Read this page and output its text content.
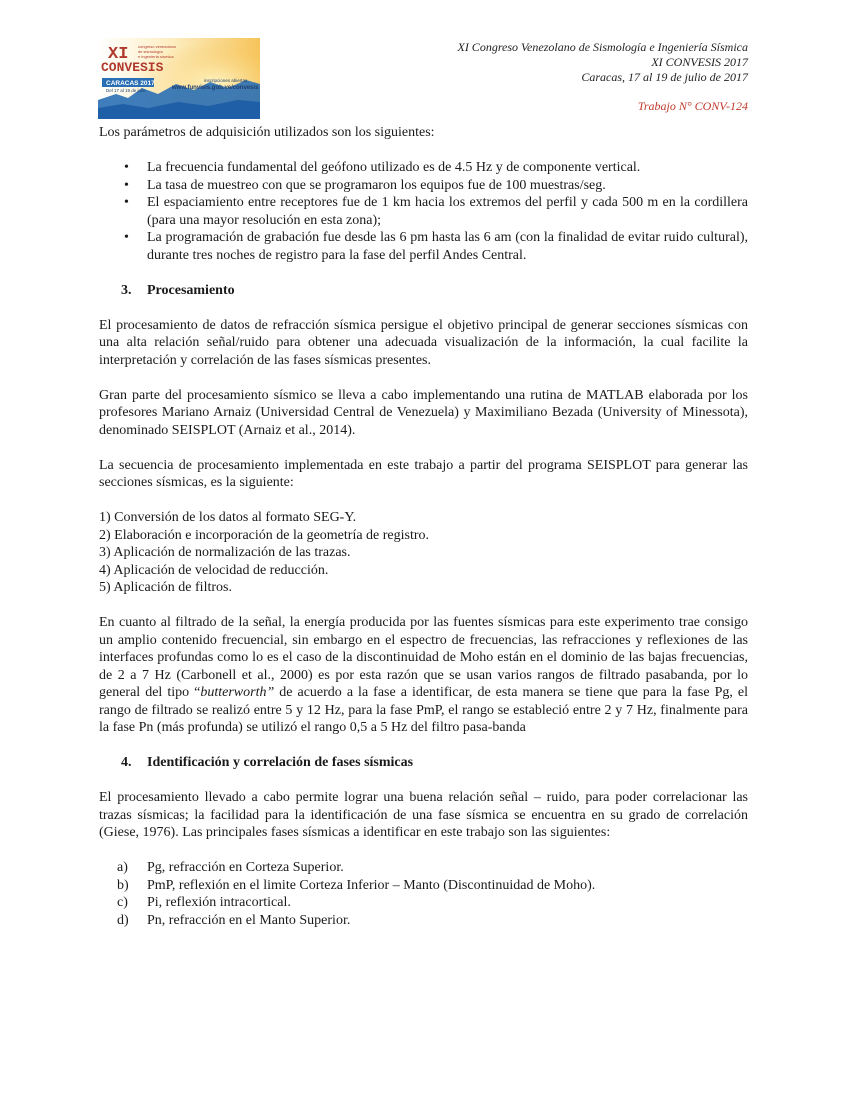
XI
CONVESIS
congreso venezolano
de sismología
e ingeniería sísmica
CARACAS 2017
Del 17 al 19 de julio
inscripciones abiertas
www.funvisis.gob.ve/convesis
XI Congreso Venezolano de Sismología e Ingeniería Sísmica
XI CONVESIS 2017
Caracas, 17 al 19 de julio de 2017
Trabajo N° CONV-124

Los parámetros de adquisición utilizados son los siguientes:

• La frecuencia fundamental del geófono utilizado es de 4.5 Hz y de componente vertical.
• La tasa de muestreo con que se programaron los equipos fue de 100 muestras/seg.
• El espaciamiento entre receptores fue de 1 km hacia los extremos del perfil y cada 500 m en la cordillera (para una mayor resolución en esta zona);
• La programación de grabación fue desde las 6 pm hasta las 6 am (con la finalidad de evitar ruido cultural), durante tres noches de registro para la fase del perfil Andes Central.
3. Procesamiento

El procesamiento de datos de refracción sísmica persigue el objetivo principal de generar secciones sísmicas con una alta relación señal/ruido para obtener una adecuada visualización de la información, la cual facilite la interpretación y correlación de las fases sísmicas presentes.

Gran parte del procesamiento sísmico se lleva a cabo implementando una rutina de MATLAB elaborada por los profesores Mariano Arnaiz (Universidad Central de Venezuela) y Maximiliano Bezada (University of Minessota), denominado SEISPLOT (Arnaiz et al., 2014).

La secuencia de procesamiento implementada en este trabajo a partir del programa SEISPLOT para generar las secciones sísmicas, es la siguiente:

1) Conversión de los datos al formato SEG-Y.
2) Elaboración e incorporación de la geometría de registro.
3) Aplicación de normalización de las trazas.
4) Aplicación de velocidad de reducción.
5) Aplicación de filtros.

En cuanto al filtrado de la señal, la energía producida por las fuentes sísmicas para este experimento trae consigo un amplio contenido frecuencial, sin embargo en el espectro de frecuencias, las refracciones y reflexiones de las interfaces profundas como lo es el caso de la discontinuidad de Moho están en el dominio de las bajas frecuencias, de 2 a 7 Hz (Carbonell et al., 2000) es por esta razón que se usan varios rangos de filtrado pasabanda, por lo general del tipo “butterworth” de acuerdo a la fase a identificar, de esta manera se tiene que para la fase Pg, el rango de filtrado se realizó entre 5 y 12 Hz, para la fase PmP, el rango se estableció entre 2 y 7 Hz, finalmente para la fase Pn (más profunda) se utilizó el rango 0,5 a 5 Hz del filtro pasa-banda

4. Identificación y correlación de fases sísmicas

El procesamiento llevado a cabo permite lograr una buena relación señal – ruido, para poder correlacionar las trazas sísmicas; la facilidad para la identificación de una fase sísmica se encuentra en su grado de correlación (Giese, 1976). Las principales fases sísmicas a identificar en este trabajo son las siguientes:

a) Pg, refracción en Corteza Superior.
b) PmP, reflexión en el limite Corteza Inferior – Manto (Discontinuidad de Moho).
c) Pi, reflexión intracortical.
d) Pn, refracción en el Manto Superior.
